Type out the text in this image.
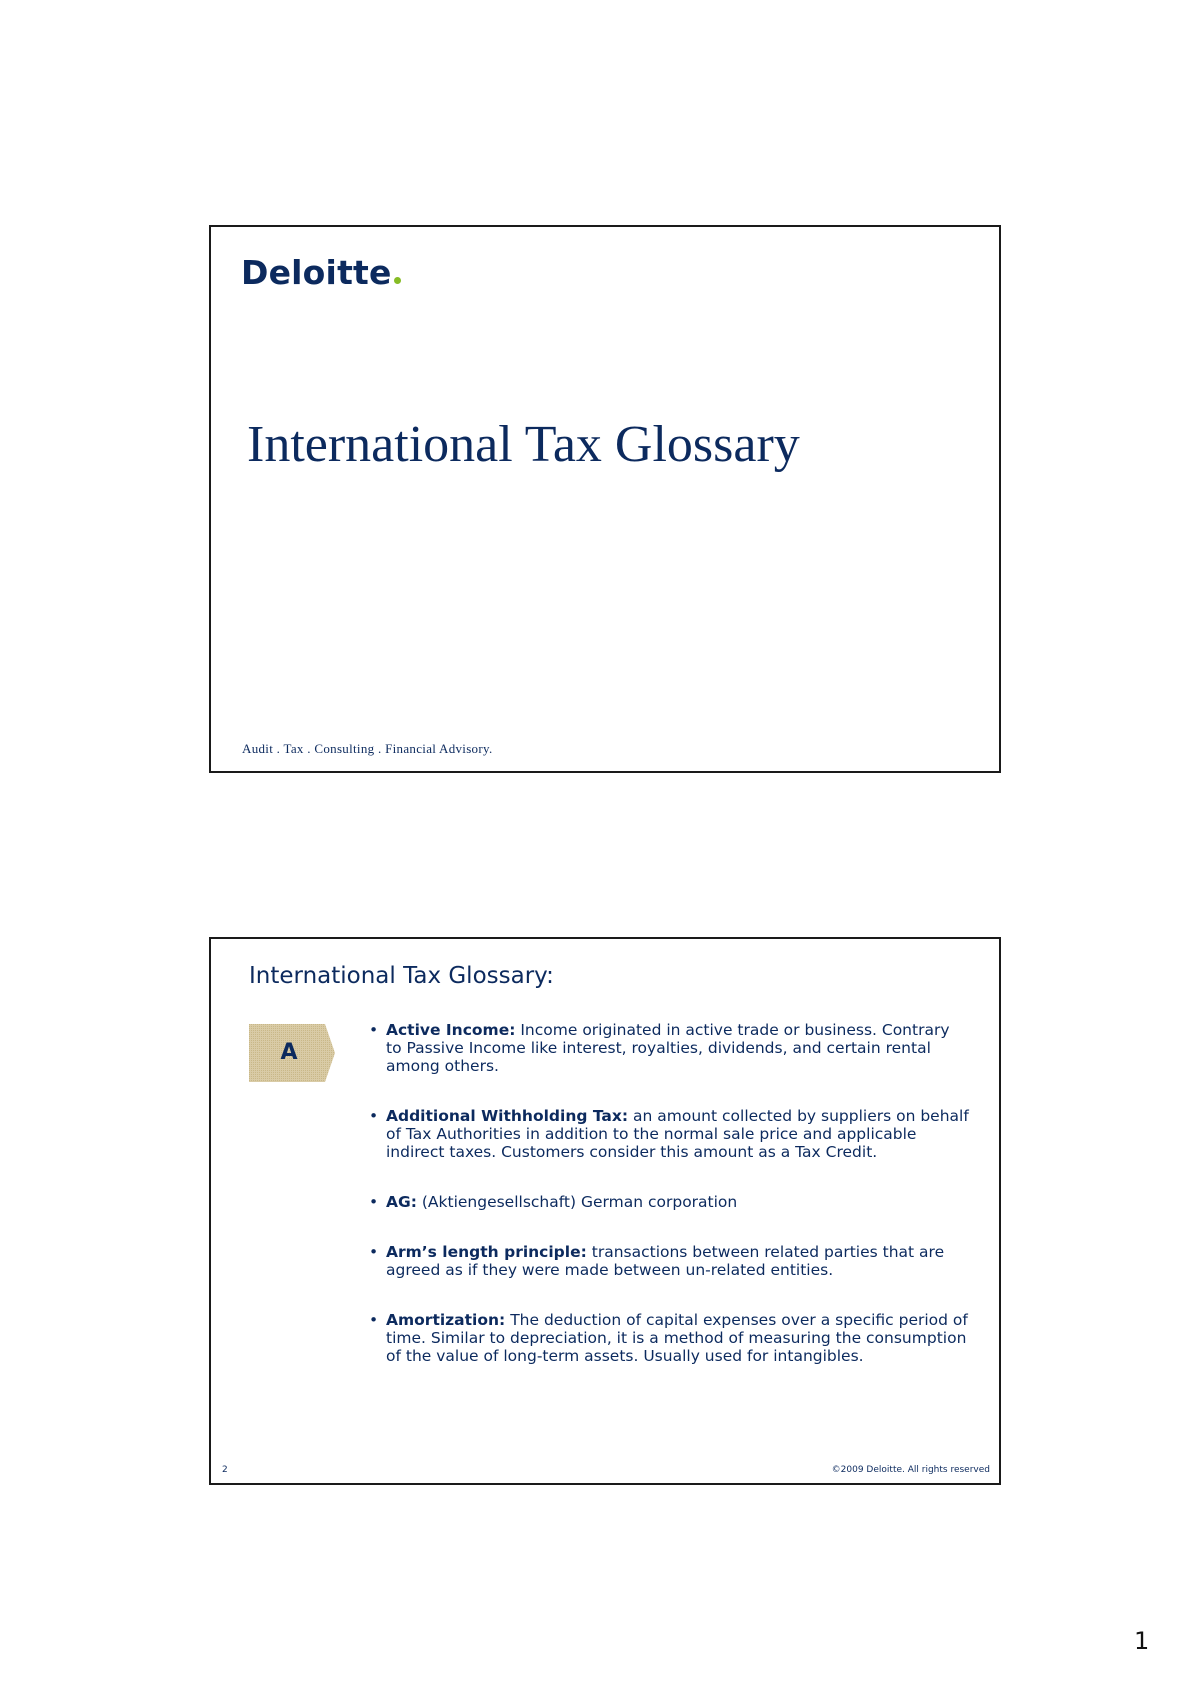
Deloitte
International Tax Glossary
Audit . Tax . Consulting . Financial Advisory.
International Tax Glossary:
A
• Active Income: Income originated in active trade or business. Contrary to Passive Income like interest, royalties, dividends, and certain rental among others.
• Additional Withholding Tax: an amount collected by suppliers on behalf of Tax Authorities in addition to the normal sale price and applicable indirect taxes. Customers consider this amount as a Tax Credit.
• AG: (Aktiengesellschaft) German corporation
• Arm’s length principle: transactions between related parties that are agreed as if they were made between un-related entities.
• Amortization: The deduction of capital expenses over a specific period of time. Similar to depreciation, it is a method of measuring the consumption of the value of long-term assets. Usually used for intangibles.
2	©2009 Deloitte. All rights reserved
1
